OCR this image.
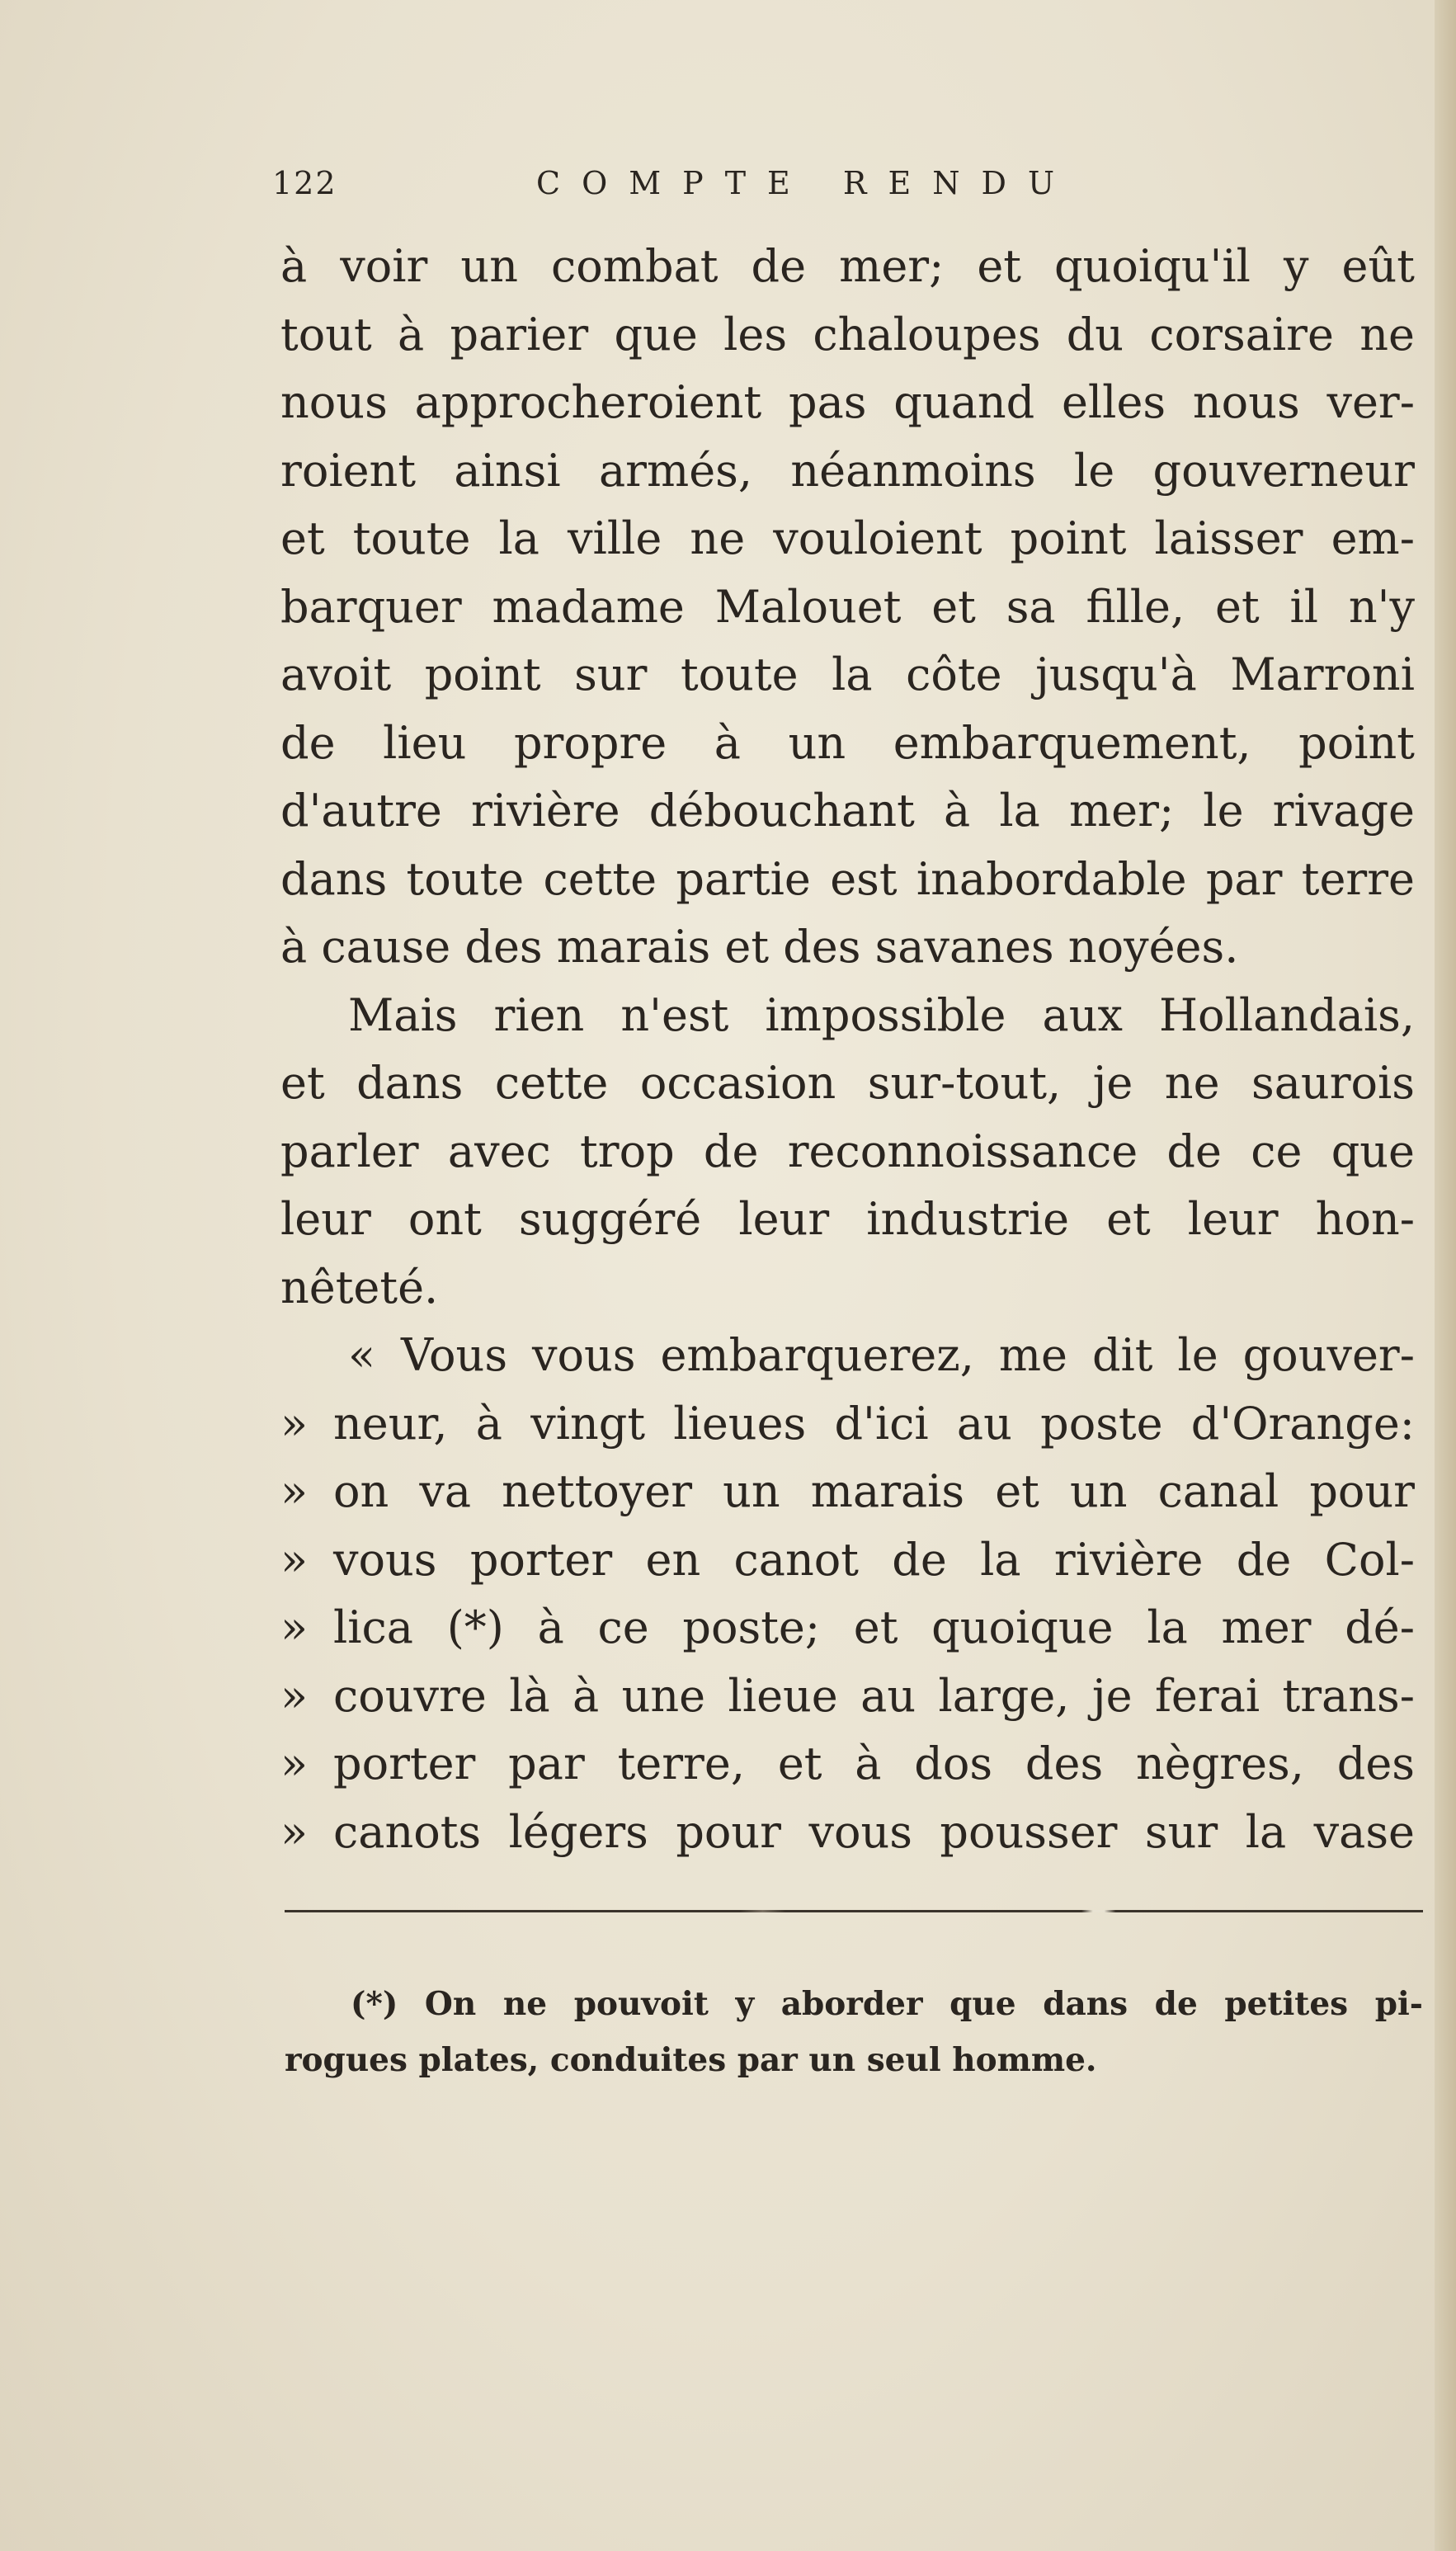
122	COMPTE RENDU
à voir un combat de mer; et quoiqu'il y eût
tout à parier que les chaloupes du corsaire ne
nous approcheroient pas quand elles nous ver-
roient ainsi armés, néanmoins le gouverneur
et toute la ville ne vouloient point laisser em-
barquer madame Malouet et sa fille, et il n'y
avoit point sur toute la côte jusqu'à Marroni
de lieu propre à un embarquement, point
d'autre rivière débouchant à la mer; le rivage
dans toute cette partie est inabordable par terre
à cause des marais et des savanes noyées.
Mais rien n'est impossible aux Hollandais,
et dans cette occasion sur-tout, je ne saurois
parler avec trop de reconnoissance de ce que
leur ont suggéré leur industrie et leur hon-
nêteté.
« Vous vous embarquerez, me dit le gouver-
» neur, à vingt lieues d'ici au poste d'Orange:
» on va nettoyer un marais et un canal pour
» vous porter en canot de la rivière de Col-
» lica (*) à ce poste; et quoique la mer dé-
» couvre là à une lieue au large, je ferai trans-
» porter par terre, et à dos des nègres, des
» canots légers pour vous pousser sur la vase
(*) On ne pouvoit y aborder que dans de petites pi-
rogues plates, conduites par un seul homme.
